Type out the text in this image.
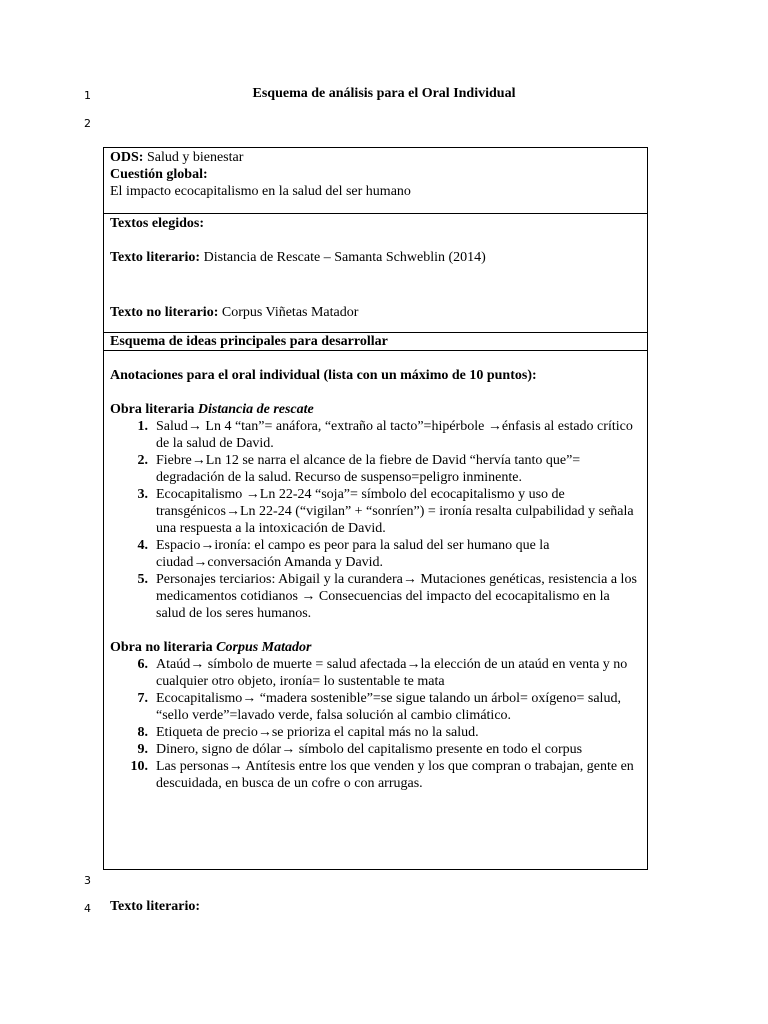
1
2
3
4
Esquema de análisis para el Oral Individual
ODS: Salud y bienestar
Cuestión global:
El impacto ecocapitalismo en la salud del ser humano
Textos elegidos:
Texto literario: Distancia de Rescate – Samanta Schweblin (2014)
Texto no literario: Corpus Viñetas Matador
Esquema de ideas principales para desarrollar
Anotaciones para el oral individual (lista con un máximo de 10 puntos):
Obra literaria Distancia de rescate
1. Salud→ Ln 4 “tan”= anáfora, “extraño al tacto”=hipérbole →énfasis al estado crítico de la salud de David.
2. Fiebre→Ln 12 se narra el alcance de la fiebre de David “hervía tanto que”= degradación de la salud. Recurso de suspenso=peligro inminente.
3. Ecocapitalismo →Ln 22-24 “soja”= símbolo del ecocapitalismo y uso de transgénicos→Ln 22-24 (“vigilan” + “sonríen”) = ironía resalta culpabilidad y señala una respuesta a la intoxicación de David.
4. Espacio→ironía: el campo es peor para la salud del ser humano que la ciudad→conversación Amanda y David.
5. Personajes terciarios: Abigail y la curandera→ Mutaciones genéticas, resistencia a los medicamentos cotidianos → Consecuencias del impacto del ecocapitalismo en la salud de los seres humanos.
Obra no literaria Corpus Matador
6. Ataúd→ símbolo de muerte = salud afectada→la elección de un ataúd en venta y no cualquier otro objeto, ironía= lo sustentable te mata
7. Ecocapitalismo→ “madera sostenible”=se sigue talando un árbol= oxígeno= salud, “sello verde”=lavado verde, falsa solución al cambio climático.
8. Etiqueta de precio→se prioriza el capital más no la salud.
9. Dinero, signo de dólar→ símbolo del capitalismo presente en todo el corpus
10. Las personas→ Antítesis entre los que venden y los que compran o trabajan, gente en descuidada, en busca de un cofre o con arrugas.
Texto literario:
